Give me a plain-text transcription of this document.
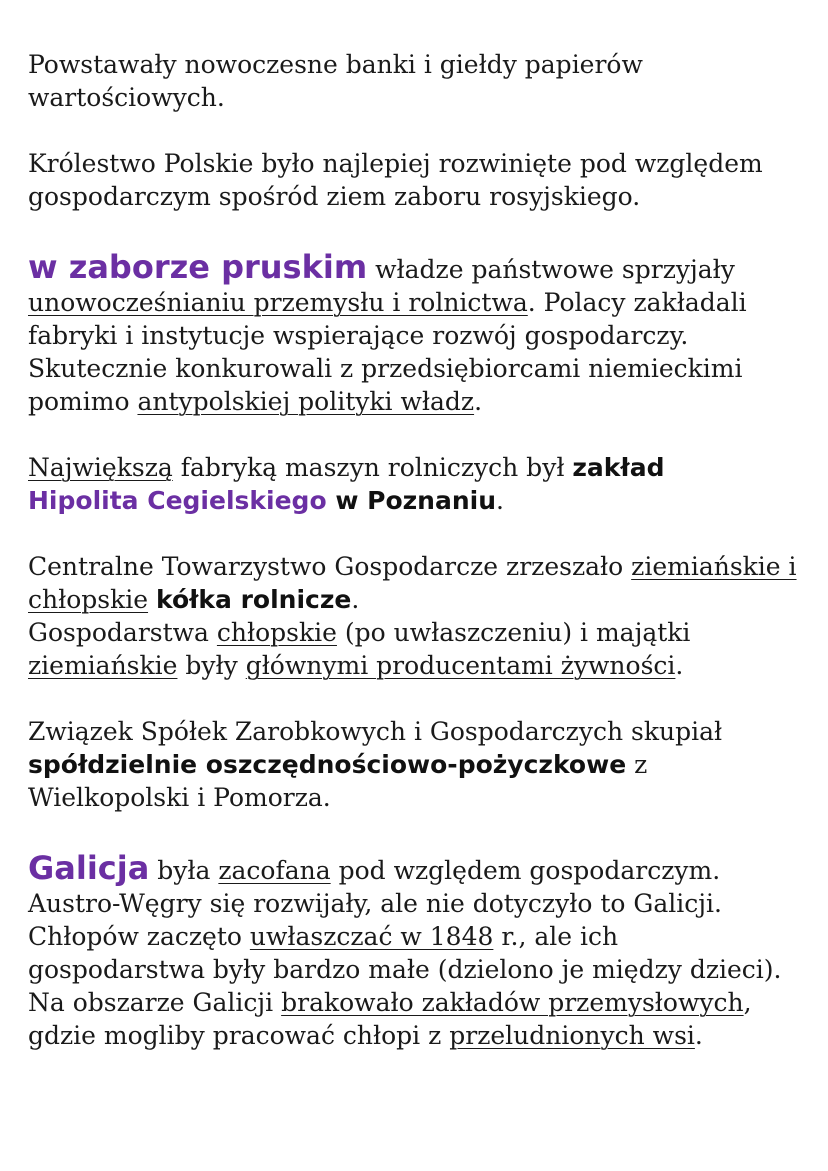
Powstawały nowoczesne banki i giełdy papierów wartościowych.

Królestwo Polskie było najlepiej rozwinięte pod względem gospodarczym spośród ziem zaboru rosyjskiego.

w zaborze pruskim władze państwowe sprzyjały unowocześnianiu przemysłu i rolnictwa. Polacy zakładali fabryki i instytucje wspierające rozwój gospodarczy. Skutecznie konkurowali z przedsiębiorcami niemieckimi pomimo antypolskiej polityki władz.

Największą fabryką maszyn rolniczych był zakład
Hipolita Cegielskiego w Poznaniu.

Centralne Towarzystwo Gospodarcze zrzeszało ziemiańskie i chłopskie kółka rolnicze.

Gospodarstwa chłopskie (po uwłaszczeniu) i majątki ziemiańskie były głównymi producentami żywności.

Związek Spółek Zarobkowych i Gospodarczych skupiał spółdzielnie oszczędnościowo-pożyczkowe z Wielkopolski i Pomorza.

Galicja była zacofana pod względem gospodarczym. Austro-Węgry się rozwijały, ale nie dotyczyło to Galicji. Chłopów zaczęto uwłaszczać w 1848 r., ale ich gospodarstwa były bardzo małe (dzielono je między dzieci).

Na obszarze Galicji brakowało zakładów przemysłowych, gdzie mogliby pracować chłopi z przeludnionych wsi.
